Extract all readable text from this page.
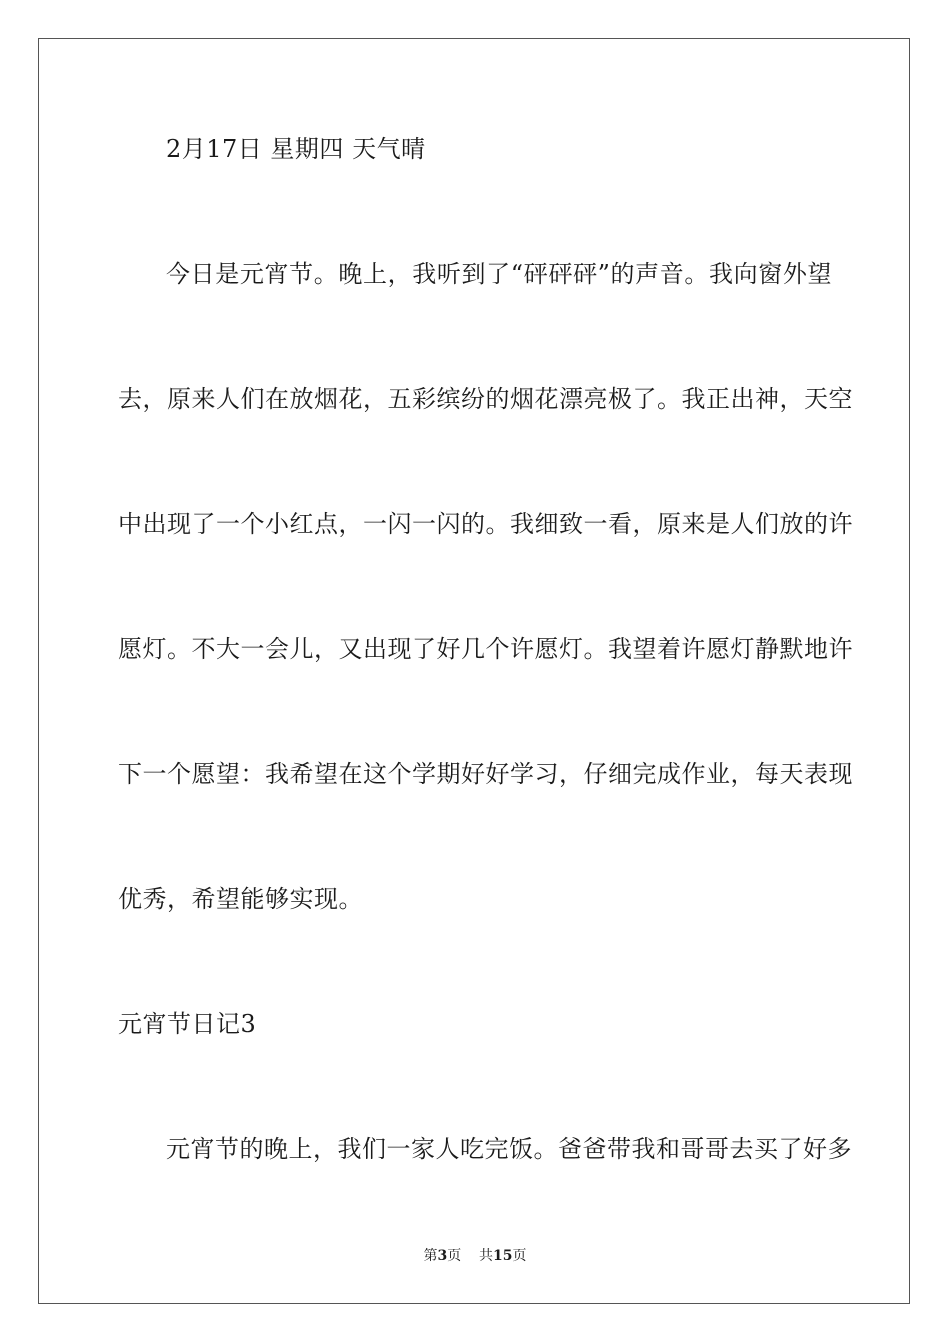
2月17日 星期四 天气晴
今日是元宵节。晚上，我听到了“砰砰砰”的声音。我向窗外望
去，原来人们在放烟花，五彩缤纷的烟花漂亮极了。我正出神，天空
中出现了一个小红点，一闪一闪的。我细致一看，原来是人们放的许
愿灯。不大一会儿，又出现了好几个许愿灯。我望着许愿灯静默地许
下一个愿望：我希望在这个学期好好学习，仔细完成作业，每天表现
优秀，希望能够实现。
元宵节日记3
元宵节的晚上，我们一家人吃完饭。爸爸带我和哥哥去买了好多
第3页 共15页
